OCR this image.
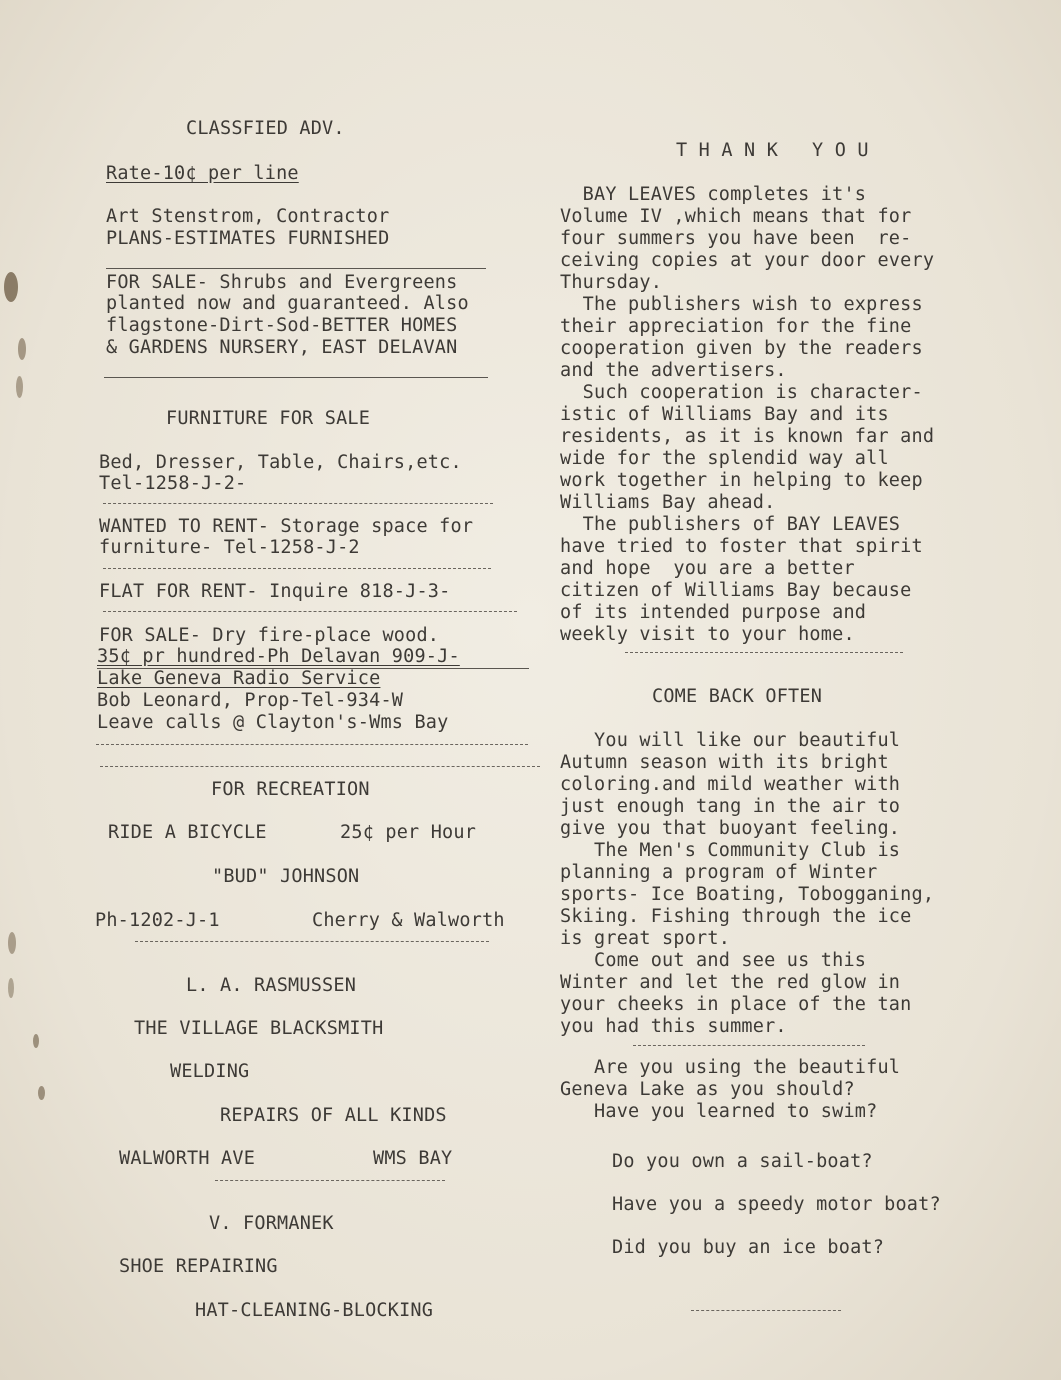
CLASSFIED ADV.
Rate-10¢ per line
Art Stenstrom, Contractor
PLANS-ESTIMATES FURNISHED
FOR SALE- Shrubs and Evergreens
planted now and guaranteed. Also
flagstone-Dirt-Sod-BETTER HOMES
& GARDENS NURSERY, EAST DELAVAN
FURNITURE FOR SALE
Bed, Dresser, Table, Chairs,etc.
Tel-1258-J-2-
WANTED TO RENT- Storage space for
furniture- Tel-1258-J-2
FLAT FOR RENT- Inquire 818-J-3-
FOR SALE- Dry fire-place wood.
35¢ pr hundred-Ph Delavan 909-J-
Lake Geneva Radio Service
Bob Leonard, Prop-Tel-934-W
Leave calls @ Clayton's-Wms Bay
FOR RECREATION
RIDE A BICYCLE	25¢ per Hour
"BUD" JOHNSON
Ph-1202-J-1	Cherry & Walworth
L. A. RASMUSSEN
THE VILLAGE BLACKSMITH
WELDING
REPAIRS OF ALL KINDS
WALWORTH AVE	WMS BAY
V. FORMANEK
SHOE REPAIRING
HAT-CLEANING-BLOCKING
T H A N K   Y O U
BAY LEAVES completes it's
Volume IV ,which means that for
four summers you have been  re-
ceiving copies at your door every
Thursday.
The publishers wish to express
their appreciation for the fine
cooperation given by the readers
and the advertisers.
Such cooperation is character-
istic of Williams Bay and its
residents, as it is known far and
wide for the splendid way all
work together in helping to keep
Williams Bay ahead.
The publishers of BAY LEAVES
have tried to foster that spirit
and hope  you are a better
citizen of Williams Bay because
of its intended purpose and
weekly visit to your home.
COME BACK OFTEN
You will like our beautiful
Autumn season with its bright
coloring.and mild weather with
just enough tang in the air to
give you that buoyant feeling.
The Men's Community Club is
planning a program of Winter
sports- Ice Boating, Tobogganing,
Skiing. Fishing through the ice
is great sport.
Come out and see us this
Winter and let the red glow in
your cheeks in place of the tan
you had this summer.
Are you using the beautiful
Geneva Lake as you should?
Have you learned to swim?
Do you own a sail-boat?
Have you a speedy motor boat?
Did you buy an ice boat?
